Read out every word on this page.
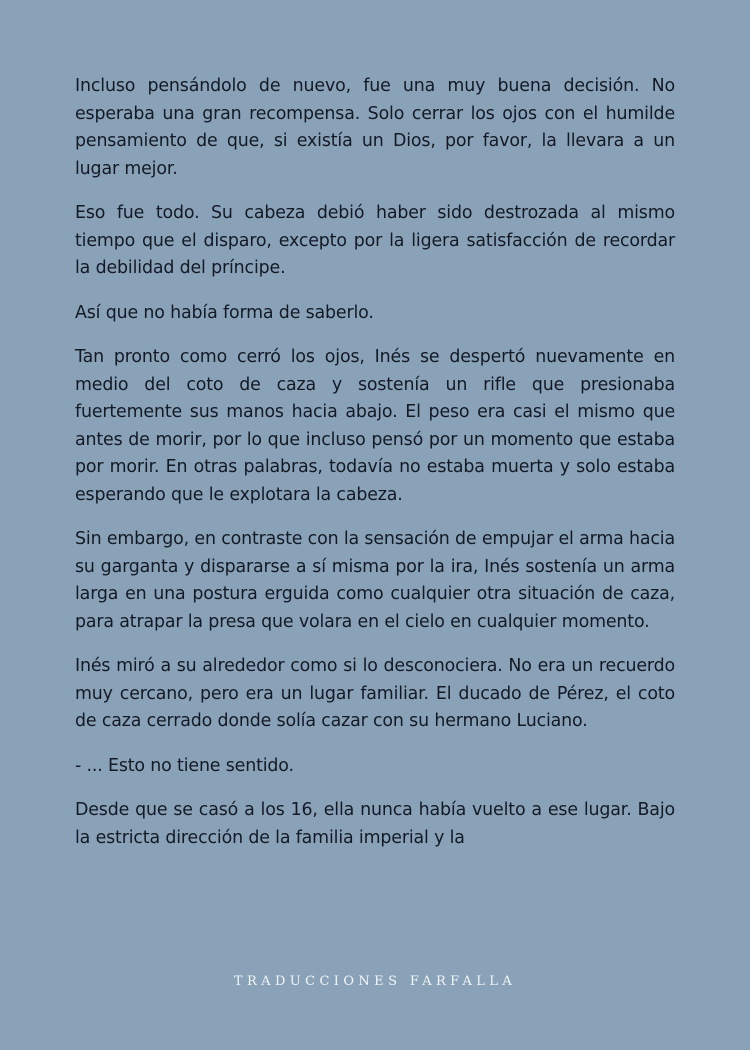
Incluso pensándolo de nuevo, fue una muy buena decisión. No esperaba una gran recompensa. Solo cerrar los ojos con el humilde pensamiento de que, si existía un Dios, por favor, la llevara a un lugar mejor.

Eso fue todo. Su cabeza debió haber sido destrozada al mismo tiempo que el disparo, excepto por la ligera satisfacción de recordar la debilidad del príncipe.

Así que no había forma de saberlo.

Tan pronto como cerró los ojos, Inés se despertó nuevamente en medio del coto de caza y sostenía un rifle que presionaba fuertemente sus manos hacia abajo. El peso era casi el mismo que antes de morir, por lo que incluso pensó por un momento que estaba por morir. En otras palabras, todavía no estaba muerta y solo estaba esperando que le explotara la cabeza.

Sin embargo, en contraste con la sensación de empujar el arma hacia su garganta y dispararse a sí misma por la ira, Inés sostenía un arma larga en una postura erguida como cualquier otra situación de caza, para atrapar la presa que volara en el cielo en cualquier momento.

Inés miró a su alrededor como si lo desconociera. No era un recuerdo muy cercano, pero era un lugar familiar. El ducado de Pérez, el coto de caza cerrado donde solía cazar con su hermano Luciano.

- ... Esto no tiene sentido.

Desde que se casó a los 16, ella nunca había vuelto a ese lugar. Bajo la estricta dirección de la familia imperial y la

TRADUCCIONES FARFALLA
